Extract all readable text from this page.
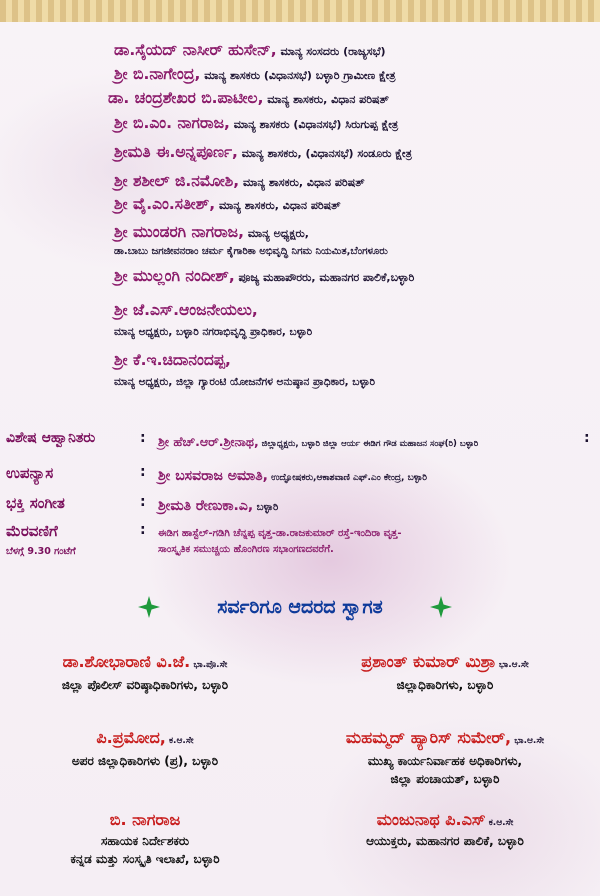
ಡಾ.ಸೈಯದ್ ನಾಸೀರ್ ಹುಸೇನ್, ಮಾನ್ಯ ಸಂಸದರು (ರಾಜ್ಯಸಭೆ)
ಶ್ರೀ ಬಿ.ನಾಗೇಂದ್ರ, ಮಾನ್ಯ ಶಾಸಕರು (ವಿಧಾನಸಭೆ) ಬಳ್ಳಾರಿ ಗ್ರಾಮೀಣ ಕ್ಷೇತ್ರ
ಡಾ. ಚಂದ್ರಶೇಖರ ಬಿ.ಪಾಟೀಲ, ಮಾನ್ಯ ಶಾಸಕರು, ವಿಧಾನ ಪರಿಷತ್
ಶ್ರೀ ಬಿ.ಎಂ. ನಾಗರಾಜ, ಮಾನ್ಯ ಶಾಸಕರು (ವಿಧಾನಸಭೆ) ಸಿರುಗುಪ್ಪ ಕ್ಷೇತ್ರ
ಶ್ರೀಮತಿ ಈ.ಅನ್ನಪೂರ್ಣ, ಮಾನ್ಯ ಶಾಸಕರು, (ವಿಧಾನಸಭೆ) ಸಂಡೂರು ಕ್ಷೇತ್ರ
ಶ್ರೀ ಶಶೀಲ್ ಜಿ.ನಮೋಶಿ, ಮಾನ್ಯ ಶಾಸಕರು, ವಿಧಾನ ಪರಿಷತ್
ಶ್ರೀ ವೈ.ಎಂ.ಸತೀಶ್, ಮಾನ್ಯ ಶಾಸಕರು, ವಿಧಾನ ಪರಿಷತ್
ಶ್ರೀ ಮುಂಡರಗಿ ನಾಗರಾಜ, ಮಾನ್ಯ ಅಧ್ಯಕ್ಷರು,
ಡಾ.ಬಾಬು ಜಗಜೀವನರಾಂ ಚರ್ಮ ಕೈಗಾರಿಕಾ ಅಭಿವೃದ್ಧಿ ನಿಗಮ ನಿಯಮಿತ,ಬೆಂಗಳೂರು
ಶ್ರೀ ಮುಲ್ಲಂಗಿ ನಂದೀಶ್, ಪೂಜ್ಯ ಮಹಾಪೌರರು, ಮಹಾನಗರ ಪಾಲಿಕೆ,ಬಳ್ಳಾರಿ
ಶ್ರೀ ಜೆ.ಎಸ್.ಆಂಜನೇಯಲು,
ಮಾನ್ಯ ಅಧ್ಯಕ್ಷರು, ಬಳ್ಳಾರಿ ನಗರಾಭಿವೃದ್ಧಿ ಪ್ರಾಧಿಕಾರ, ಬಳ್ಳಾರಿ
ಶ್ರೀ ಕೆ.ಇ.ಚಿದಾನಂದಪ್ಪ,
ಮಾನ್ಯ ಅಧ್ಯಕ್ಷರು, ಜಿಲ್ಲಾ ಗ್ಯಾರಂಟಿ ಯೋಜನೆಗಳ ಅನುಷ್ಠಾನ ಪ್ರಾಧಿಕಾರ, ಬಳ್ಳಾರಿ
ವಿಶೇಷ ಆಹ್ವಾನಿತರು	: ಶ್ರೀ ಹೆಚ್.ಆರ್.ಶ್ರೀನಾಥ, ಜಿಲ್ಲಾಧ್ಯಕ್ಷರು, ಬಳ್ಳಾರಿ ಜಿಲ್ಲಾ ಆರ್ಯ ಈಡಿಗ ಗೌಡ ಮಹಾಜನ ಸಂಘ(ರಿ) ಬಳ್ಳಾರಿ	:
ಉಪನ್ಯಾಸ	: ಶ್ರೀ ಬಸವರಾಜ ಅಮಾತಿ, ಉದ್ಘೋಷಕರು,ಆಕಾಶವಾಣಿ ಎಫ್.ಎಂ ಕೇಂದ್ರ, ಬಳ್ಳಾರಿ
ಭಕ್ತಿ ಸಂಗೀತ	: ಶ್ರೀಮತಿ ರೇಣುಕಾ.ಎ, ಬಳ್ಳಾರಿ
ಮೆರವಣಿಗೆ
ಬೆಳಗ್ಗೆ 9.30 ಗಂಟೆಗೆ
: ಈಡಿಗ ಹಾಸ್ಟೆಲ್-ಗಡಿಗಿ ಚೆನ್ನಪ್ಪ ವೃತ್ತ-ಡಾ.ರಾಜಕುಮಾರ್ ರಸ್ತೆ-ಇಂದಿರಾ ವೃತ್ತ-
ಸಾಂಸ್ಕೃತಿಕ ಸಮುಚ್ಚಯ ಹೊಂಗಿರಣ ಸಭಾಂಗಣದವರೆಗೆ.
ಸರ್ವರಿಗೂ ಆದರದ ಸ್ವಾಗತ
ಡಾ.ಶೋಭಾರಾಣಿ ವಿ.ಜೆ. ಭಾ.ಪೊ.ಸೇ
ಜಿಲ್ಲಾ ಪೊಲೀಸ್ ವರಿಷ್ಠಾಧಿಕಾರಿಗಳು, ಬಳ್ಳಾರಿ
ಪ್ರಶಾಂತ್ ಕುಮಾರ್ ಮಿಶ್ರಾ ಭಾ.ಆ.ಸೇ
ಜಿಲ್ಲಾಧಿಕಾರಿಗಳು, ಬಳ್ಳಾರಿ
ಪಿ.ಪ್ರಮೋದ, ಕ.ಆ.ಸೇ
ಅಪರ ಜಿಲ್ಲಾಧಿಕಾರಿಗಳು (ಪ್ರ), ಬಳ್ಳಾರಿ
ಮಹಮ್ಮದ್ ಹ್ಯಾರಿಸ್ ಸುಮೇರ್, ಭಾ.ಆ.ಸೇ
ಮುಖ್ಯ ಕಾರ್ಯನಿರ್ವಾಹಕ ಅಧಿಕಾರಿಗಳು,
ಜಿಲ್ಲಾ ಪಂಚಾಯತ್, ಬಳ್ಳಾರಿ
ಬಿ. ನಾಗರಾಜ
ಸಹಾಯಕ ನಿರ್ದೇಶಕರು
ಕನ್ನಡ ಮತ್ತು ಸಂಸ್ಕೃತಿ ಇಲಾಖೆ, ಬಳ್ಳಾರಿ
ಮಂಜುನಾಥ ಪಿ.ಎಸ್ ಕ.ಆ.ಸೇ
ಆಯುಕ್ತರು, ಮಹಾನಗರ ಪಾಲಿಕೆ, ಬಳ್ಳಾರಿ
